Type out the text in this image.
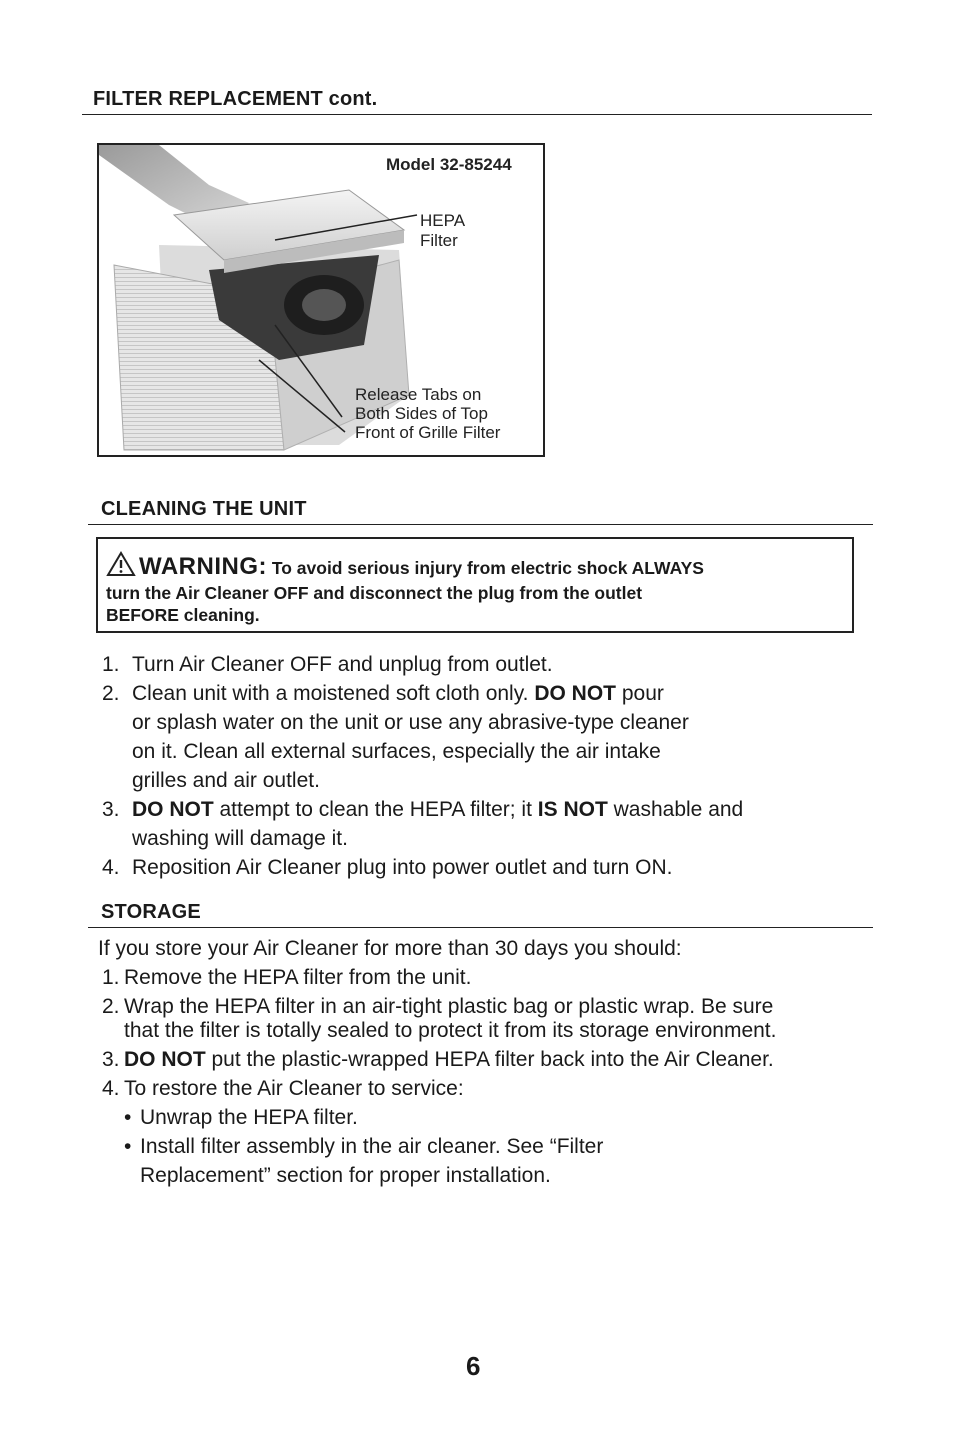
FILTER REPLACEMENT cont.
Model 32-85244
HEPA
Filter
Release Tabs on
Both Sides of Top
Front of Grille Filter
CLEANING THE UNIT
WARNING: To avoid serious injury from electric shock ALWAYS
turn the Air Cleaner OFF and disconnect the plug from the outlet
BEFORE cleaning.
1. Turn Air Cleaner OFF and unplug from outlet.
2. Clean unit with a moistened soft cloth only. DO NOT pour
or splash water on the unit or use any abrasive-type cleaner
on it. Clean all external surfaces, especially the air intake
grilles and air outlet.
3. DO NOT attempt to clean the HEPA filter; it IS NOT washable and
washing will damage it.
4. Reposition Air Cleaner plug into power outlet and turn ON.
STORAGE
If you store your Air Cleaner for more than 30 days you should:
1. Remove the HEPA filter from the unit.
2. Wrap the HEPA filter in an air-tight plastic bag or plastic wrap. Be sure
that the filter is totally sealed to protect it from its storage environment.
3. DO NOT put the plastic-wrapped HEPA filter back into the Air Cleaner.
4. To restore the Air Cleaner to service:
• Unwrap the HEPA filter.
• Install filter assembly in the air cleaner. See “Filter
Replacement” section for proper installation.
6
